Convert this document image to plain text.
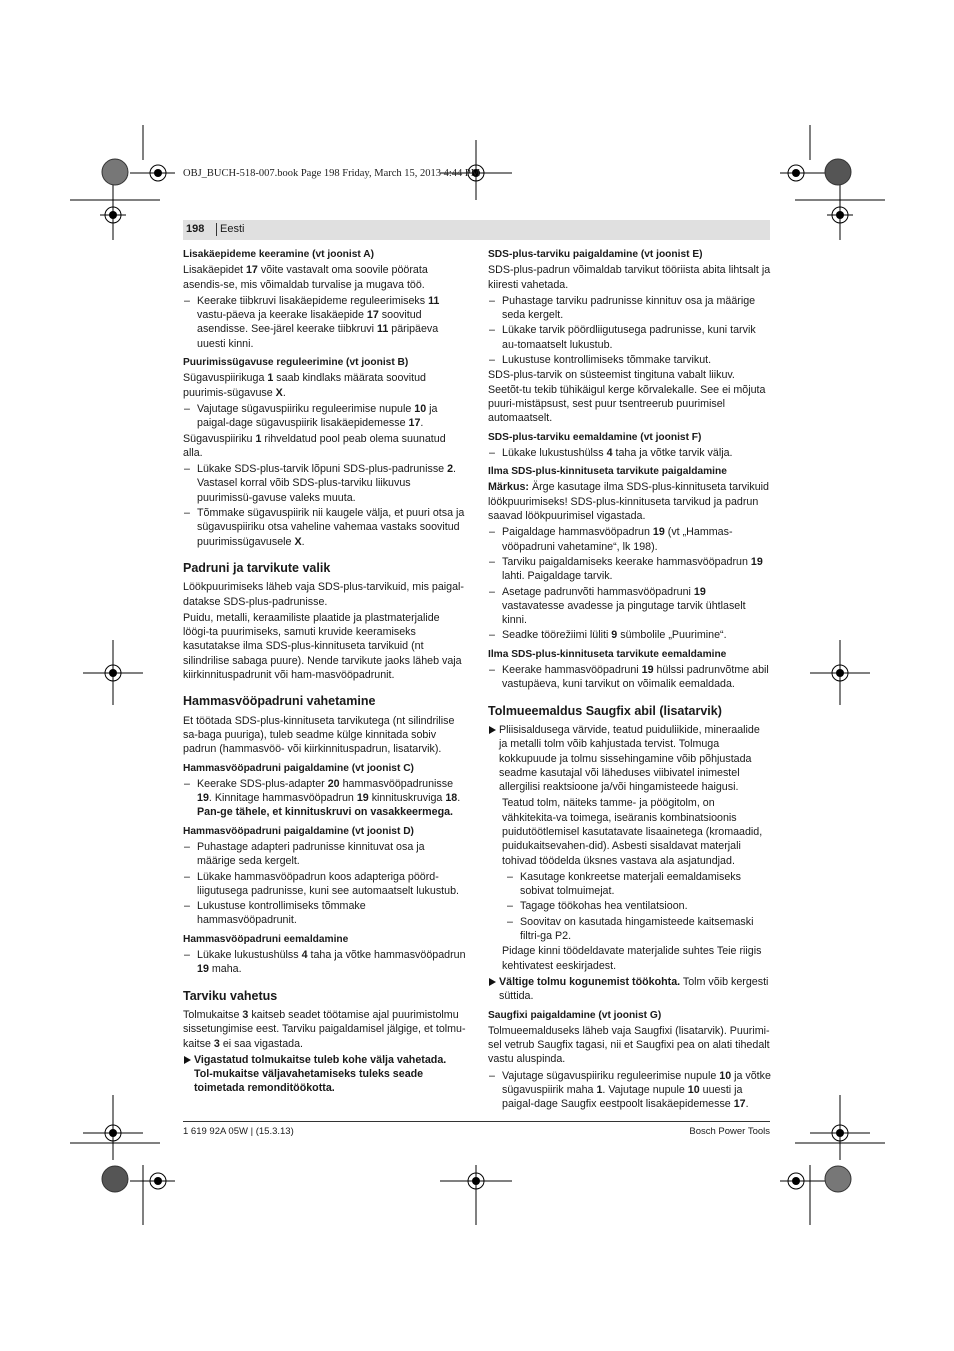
OBJ_BUCH-518-007.book Page 198 Friday, March 15, 2013 4:44 PM
198 Eesti
Lisakäepideme keeramine (vt joonist A)

Lisakäepidet 17 võite vastavalt oma soovile pöörata asendis-se, mis võimaldab turvalise ja mugava töö.

– Keerake tiibkruvi lisakäepideme reguleerimiseks 11 vastu-päeva ja keerake lisakäepide 17 soovitud asendisse. See-järel keerake tiibkruvi 11 päripäeva uuesti kinni.
Puurimissügavuse reguleerimine (vt joonist B)

Sügavuspiirikuga 1 saab kindlaks määrata soovitud puurimis-sügavuse X.

– Vajutage sügavuspiiriku reguleerimise nupule 10 ja paigal-dage sügavuspiirik lisakäepidemesse 17.

Sügavuspiiriku 1 rihveldatud pool peab olema suunatud alla.

– Lükake SDS-plus-tarvik lõpuni SDS-plus-padrunisse 2. Vastasel korral võib SDS-plus-tarviku liikuvus puurimissü-gavuse valeks muuta.
– Tõmmake sügavuspiirik nii kaugele välja, et puuri otsa ja sügavuspiiriku otsa vaheline vahemaa vastaks soovitud puurimissügavusele X.
Padruni ja tarvikute valik

Löökpuurimiseks läheb vaja SDS-plus-tarvikuid, mis paigal-datakse SDS-plus-padrunisse.

Puidu, metalli, keraamiliste plaatide ja plastmaterjalide löögi-ta puurimiseks, samuti kruvide keeramiseks kasutatakse ilma SDS-plus-kinnituseta tarvikuid (nt silindrilise sabaga puure). Nende tarvikute jaoks läheb vaja kiirkinnituspadrunit või ham-masvööpadrunit.

Hammasvööpadruni vahetamine

Et töötada SDS-plus-kinnituseta tarvikutega (nt silindrilise sa-baga puuriga), tuleb seadme külge kinnitada sobiv padrun (hammasvöö- või kiirkinnituspadrun, lisatarvik).

Hammasvööpadruni paigaldamine (vt joonist C)
– Keerake SDS-plus-adapter 20 hammasvööpadrunisse 19. Kinnitage hammasvööpadrun 19 kinnituskruviga 18. Pan-ge tähele, et kinnituskruvi on vasakkeermega.
Hammasvööpadruni paigaldamine (vt joonist D)
– Puhastage adapteri padrunisse kinnituvat osa ja määrige seda kergelt.
– Lükake hammasvööpadrun koos adapteriga pöörd-liigutusega padrunisse, kuni see automaatselt lukustub.
– Lukustuse kontrollimiseks tõmmake hammasvööpadrunit.
Hammasvööpadruni eemaldamine
– Lükake lukustushülss 4 taha ja võtke hammasvööpadrun 19 maha.
Tarviku vahetus

Tolmukaitse 3 kaitseb seadet töötamise ajal puurimistolmu sissetungimise eest. Tarviku paigaldamisel jälgige, et tolmu-kaitse 3 ei saa vigastada.

Vigastatud tolmukaitse tuleb kohe välja vahetada. Tol-mukaitse väljavahetamiseks tuleks seade toimetada remonditöökotta.
SDS-plus-tarviku paigaldamine (vt joonist E)

SDS-plus-padrun võimaldab tarvikut tööriista abita lihtsalt ja kiiresti vahetada.

– Puhastage tarviku padrunisse kinnituv osa ja määrige seda kergelt.
– Lükake tarvik pöördliigutusega padrunisse, kuni tarvik au-tomaatselt lukustub.
– Lukustuse kontrollimiseks tõmmake tarvikut.

SDS-plus-tarvik on süsteemist tingituna vabalt liikuv. Seetõt-tu tekib tühikäigul kerge kõrvalekalle. See ei mõjuta puuri-mistäpsust, sest puur tsentreerub puurimisel automaatselt.

SDS-plus-tarviku eemaldamine (vt joonist F)
– Lükake lukustushülss 4 taha ja võtke tarvik välja.
Ilma SDS-plus-kinnituseta tarvikute paigaldamine

Märkus: Ärge kasutage ilma SDS-plus-kinnituseta tarvikuid löökpuurimiseks! SDS-plus-kinnituseta tarvikud ja padrun saavad löökpuurimisel vigastada.

– Paigaldage hammasvööpadrun 19 (vt „Hammas-vööpadruni vahetamine“, lk 198).
– Tarviku paigaldamiseks keerake hammasvööpadrun 19 lahti. Paigaldage tarvik.
– Asetage padrunvõti hammasvööpadruni 19 vastavatesse avadesse ja pingutage tarvik ühtlaselt kinni.
– Seadke töörežiimi lüliti 9 sümbolile „Puurimine“.
Ilma SDS-plus-kinnituseta tarvikute eemaldamine
– Keerake hammasvööpadruni 19 hülssi padrunvõtme abil vastupäeva, kuni tarvikut on võimalik eemaldada.
Tolmueemaldus Saugfix abil (lisatarvik)
Pliisisaldusega värvide, teatud puiduliikide, mineraalide ja metalli tolm võib kahjustada tervist. Tolmuga kokkupuude ja tolmu sissehingamine võib põhjustada seadme kasutajal või läheduses viibivatel inimestel allergilisi reaktsioone ja/või hingamisteede haigusi.

Teatud tolm, näiteks tamme- ja pöögitolm, on vähkitekita-va toimega, iseäranis kombinatsioonis puidutöötlemisel kasutatavate lisaainetega (kromaadid, puidukaitsevahen-did). Asbesti sisaldavat materjali tohivad töödelda üksnes vastava ala asjatundjad.

– Kasutage konkreetse materjali eemaldamiseks sobivat tolmuimejat.
– Tagage töökohas hea ventilatsioon.
– Soovitav on kasutada hingamisteede kaitsemaski filtri-ga P2.

Pidage kinni töödeldavate materjalide suhtes Teie riigis kehtivatest eeskirjadest.

Vältige tolmu kogunemist töökohta. Tolm võib kergesti süttida.
Saugfixi paigaldamine (vt joonist G)

Tolmueemalduseks läheb vaja Saugfixi (lisatarvik). Puurimi-sel vetrub Saugfix tagasi, nii et Saugfixi pea on alati tihedalt vastu aluspinda.

– Vajutage sügavuspiiriku reguleerimise nupule 10 ja võtke sügavuspiirik maha 1. Vajutage nupule 10 uuesti ja paigal-dage Saugfix eestpoolt lisakäepidemesse 17.
1 619 92A 05W | (15.3.13)	Bosch Power Tools
